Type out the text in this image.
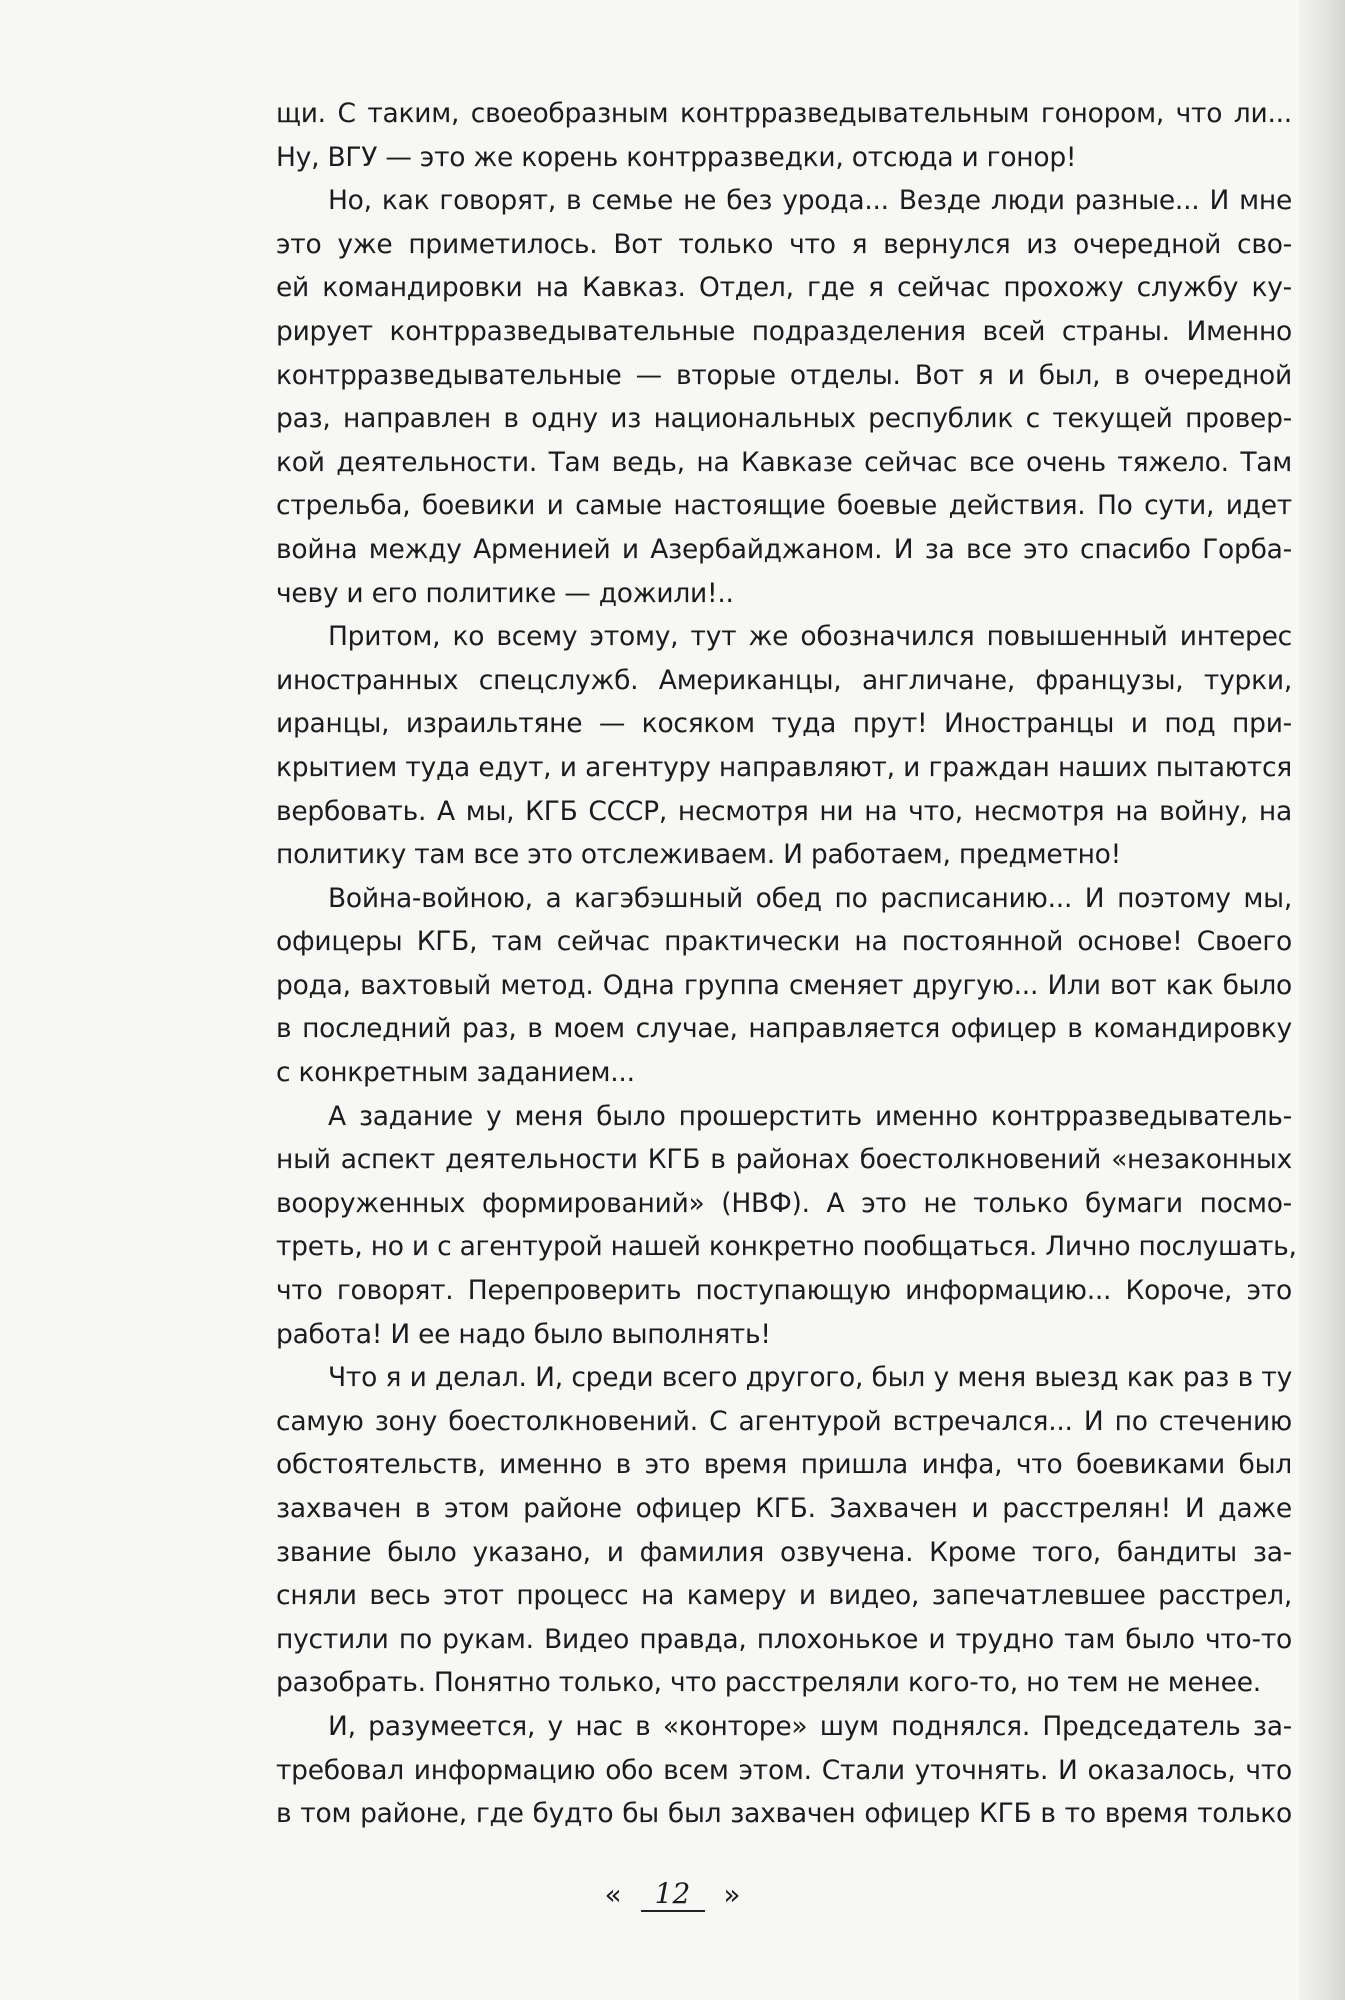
щи. С таким, своеобразным контрразведывательным гонором, что ли...
Ну, ВГУ — это же корень контрразведки, отсюда и гонор!
Но, как говорят, в семье не без урода... Везде люди разные... И мне
это уже приметилось. Вот только что я вернулся из очередной сво-
ей командировки на Кавказ. Отдел, где я сейчас прохожу службу ку-
рирует контрразведывательные подразделения всей страны. Именно
контрразведывательные — вторые отделы. Вот я и был, в очередной
раз, направлен в одну из национальных республик с текущей провер-
кой деятельности. Там ведь, на Кавказе сейчас все очень тяжело. Там
стрельба, боевики и самые настоящие боевые действия. По сути, идет
война между Арменией и Азербайджаном. И за все это спасибо Горба-
чеву и его политике — дожили!..
Притом, ко всему этому, тут же обозначился повышенный интерес
иностранных спецслужб. Американцы, англичане, французы, турки,
иранцы, израильтяне — косяком туда прут! Иностранцы и под при-
крытием туда едут, и агентуру направляют, и граждан наших пытаются
вербовать. А мы, КГБ СССР, несмотря ни на что, несмотря на войну, на
политику там все это отслеживаем. И работаем, предметно!
Война-войною, а кагэбэшный обед по расписанию... И поэтому мы,
офицеры КГБ, там сейчас практически на постоянной основе! Своего
рода, вахтовый метод. Одна группа сменяет другую... Или вот как было
в последний раз, в моем случае, направляется офицер в командировку
с конкретным заданием...
А задание у меня было прошерстить именно контрразведыватель-
ный аспект деятельности КГБ в районах боестолкновений «незаконных
вооруженных формирований» (НВФ). А это не только бумаги посмо-
треть, но и с агентурой нашей конкретно пообщаться. Лично послушать,
что говорят. Перепроверить поступающую информацию... Короче, это
работа! И ее надо было выполнять!
Что я и делал. И, среди всего другого, был у меня выезд как раз в ту
самую зону боестолкновений. С агентурой встречался... И по стечению
обстоятельств, именно в это время пришла инфа, что боевиками был
захвачен в этом районе офицер КГБ. Захвачен и расстрелян! И даже
звание было указано, и фамилия озвучена. Кроме того, бандиты за-
сняли весь этот процесс на камеру и видео, запечатлевшее расстрел,
пустили по рукам. Видео правда, плохонькое и трудно там было что-то
разобрать. Понятно только, что расстреляли кого-то, но тем не менее.
И, разумеется, у нас в «конторе» шум поднялся. Председатель за-
требовал информацию обо всем этом. Стали уточнять. И оказалось, что
в том районе, где будто бы был захвачен офицер КГБ в то время только
« 12 »
